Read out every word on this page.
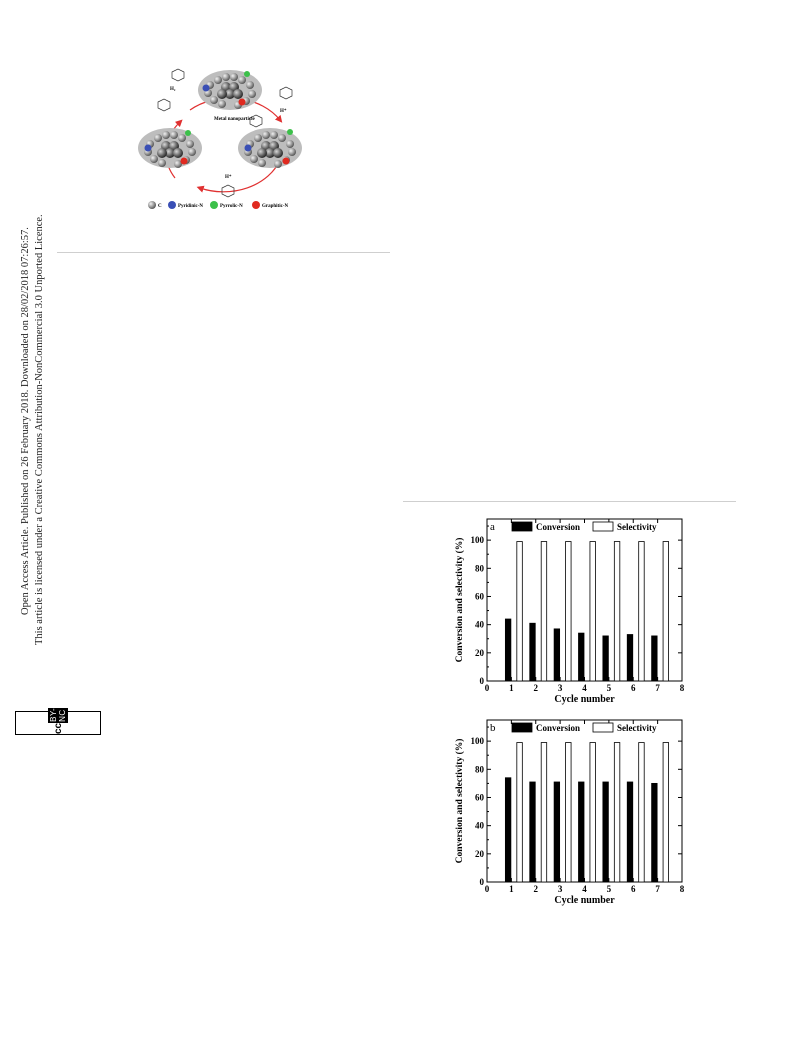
Open Access Article. Published on 26 February 2018. Downloaded on 28/02/2018 07:26:57. This article is licensed under a Creative Commons Attribution-NonCommercial 3.0 Unported Licence.
cc
BY-NC
Metal nanoparticle
H₂
H⁺
H⁺
C	Pyridinic-N	Pyrrolic-N	Graphitic-N
0 1 2 3 4 5 6 7 8
0
20
40
60
80
100
a	Conversion	Selectivity
Cycle number
Conversion and selectivity (%)
0 1 2 3 4 5 6 7 8
0
20
40
60
80
100
b	Conversion	Selectivity
Cycle number
Conversion and selectivity (%)
